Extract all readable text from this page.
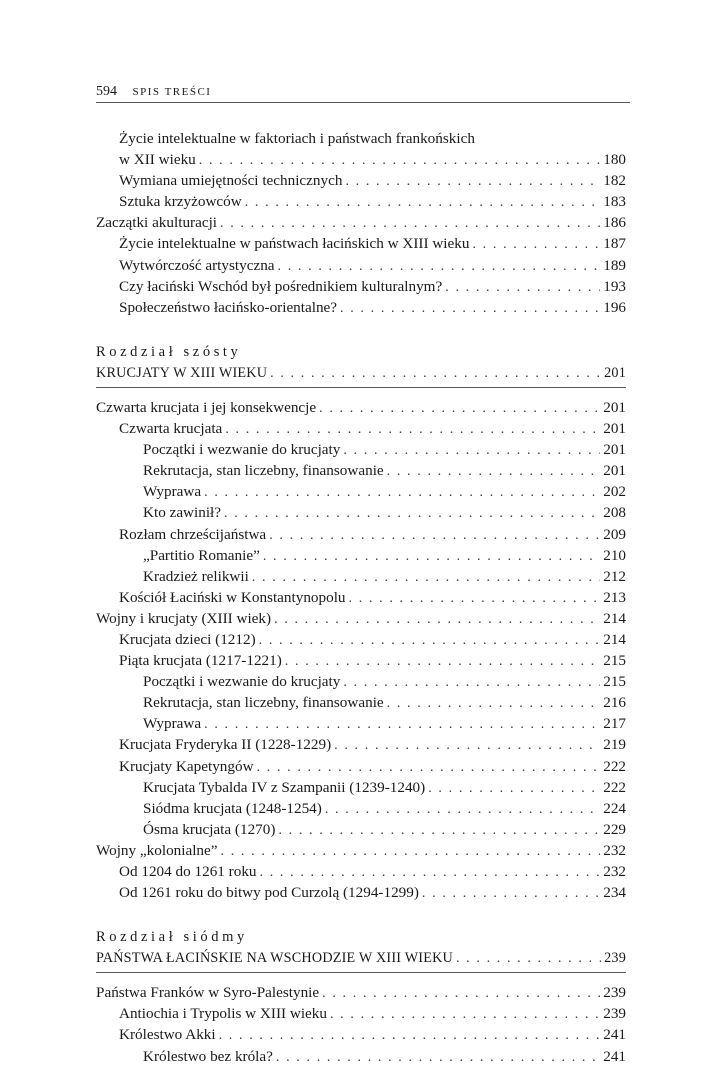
594 SPIS TREŚCI
Życie intelektualne w faktoriach i państwach frankońskich
w XII wieku . . .	180
Wymiana umiejętności technicznych . . .	182
Sztuka krzyżowców . . .	183
Zaczątki akulturacji . . .	186
Życie intelektualne w państwach łacińskich w XIII wieku . . .	187
Wytwórczość artystyczna . . .	189
Czy łaciński Wschód był pośrednikiem kulturalnym? . . .	193
Społeczeństwo łacińsko-orientalne? . . .	196
Rozdział szósty
KRUCJATY W XIII WIEKU . . .	201
Czwarta krucjata i jej konsekwencje . . .	201
Czwarta krucjata . . .	201
Początki i wezwanie do krucjaty . . .	201
Rekrutacja, stan liczebny, finansowanie . . .	201
Wyprawa . . .	202
Kto zawinił? . . .	208
Rozłam chrześcijaństwa . . .	209
„Partitio Romanie” . . .	210
Kradzież relikwii . . .	212
Kościół Łaciński w Konstantynopolu . . .	213
Wojny i krucjaty (XIII wiek) . . .	214
Krucjata dzieci (1212) . . .	214
Piąta krucjata (1217-1221) . . .	215
Początki i wezwanie do krucjaty . . .	215
Rekrutacja, stan liczebny, finansowanie . . .	216
Wyprawa . . .	217
Krucjata Fryderyka II (1228-1229) . . .	219
Krucjaty Kapetyngów . . .	222
Krucjata Tybalda IV z Szampanii (1239-1240) . . .	222
Siódma krucjata (1248-1254) . . .	224
Ósma krucjata (1270) . . .	229
Wojny „kolonialne” . . .	232
Od 1204 do 1261 roku . . .	232
Od 1261 roku do bitwy pod Curzolą (1294-1299) . . .	234
Rozdział siódmy
PAŃSTWA ŁACIŃSKIE NA WSCHODZIE W XIII WIEKU . . .	239
Państwa Franków w Syro-Palestynie . . .	239
Antiochia i Trypolis w XIII wieku . . .	239
Królestwo Akki . . .	241
Królestwo bez króla? . . .	241
